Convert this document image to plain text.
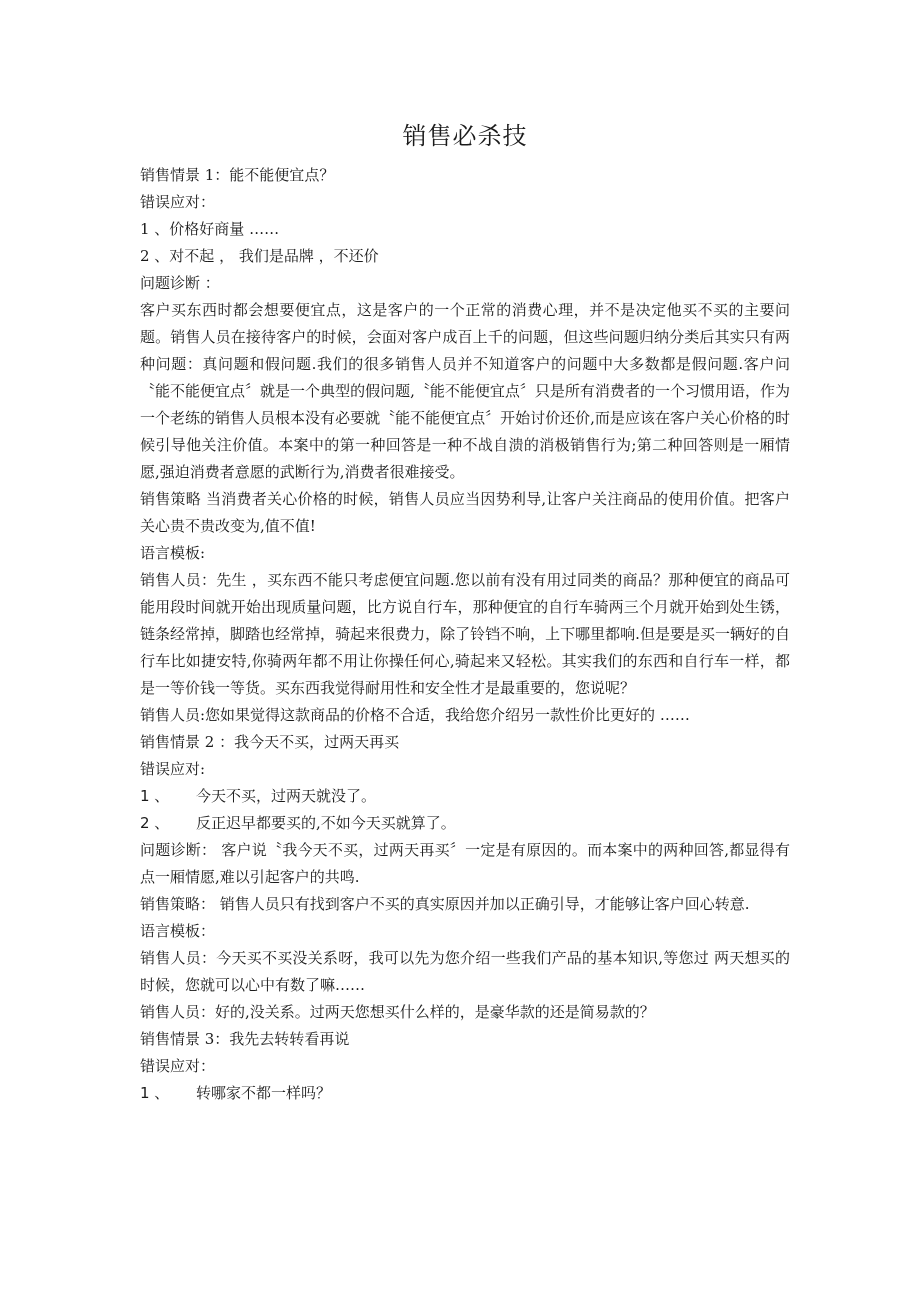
销售必杀技

销售情景 1：能不能便宜点？

错误应对：

1 、价格好商量 ……

2 、对不起 ， 我们是品牌 ，不还价

问题诊断 ：

客户买东西时都会想要便宜点，这是客户的一个正常的消费心理，并不是决定他买不买的主要问题。销售人员在接待客户的时候，会面对客户成百上千的问题，但这些问题归纳分类后其实只有两种问题：真问题和假问题.我们的很多销售人员并不知道客户的问题中大多数都是假问题.客户问〝能不能便宜点〞就是一个典型的假问题,〝能不能便宜点〞只是所有消费者的一个习惯用语，作为一个老练的销售人员根本没有必要就〝能不能便宜点〞开始讨价还价,而是应该在客户关心价格的时候引导他关注价值。本案中的第一种回答是一种不战自溃的消极销售行为;第二种回答则是一厢情愿,强迫消费者意愿的武断行为,消费者很难接受。

销售策略 当消费者关心价格的时候，销售人员应当因势利导,让客户关注商品的使用价值。把客户关心贵不贵改变为,值不值!

语言模板:

销售人员：先生 ，买东西不能只考虑便宜问题.您以前有没有用过同类的商品？那种便宜的商品可能用段时间就开始出现质量问题，比方说自行车，那种便宜的自行车骑两三个月就开始到处生锈，链条经常掉，脚踏也经常掉，骑起来很费力，除了铃铛不响，上下哪里都响.但是要是买一辆好的自行车比如捷安特,你骑两年都不用让你操任何心,骑起来又轻松。其实我们的东西和自行车一样，都是一等价钱一等货。买东西我觉得耐用性和安全性才是最重要的，您说呢？

销售人员:您如果觉得这款商品的价格不合适，我给您介绍另一款性价比更好的 ……

销售情景 2 ：我今天不买，过两天再买

错误应对:

1 、 今天不买，过两天就没了。

2 、 反正迟早都要买的,不如今天买就算了。

问题诊断： 客户说〝我今天不买，过两天再买〞一定是有原因的。而本案中的两种回答,都显得有点一厢情愿,难以引起客户的共鸣.

销售策略： 销售人员只有找到客户不买的真实原因并加以正确引导，才能够让客户回心转意.

语言模板：

销售人员：今天买不买没关系呀，我可以先为您介绍一些我们产品的基本知识,等您过 两天想买的时候，您就可以心中有数了嘛……

销售人员：好的,没关系。过两天您想买什么样的，是豪华款的还是简易款的？

销售情景 3：我先去转转看再说

错误应对：

1 、 转哪家不都一样吗？
